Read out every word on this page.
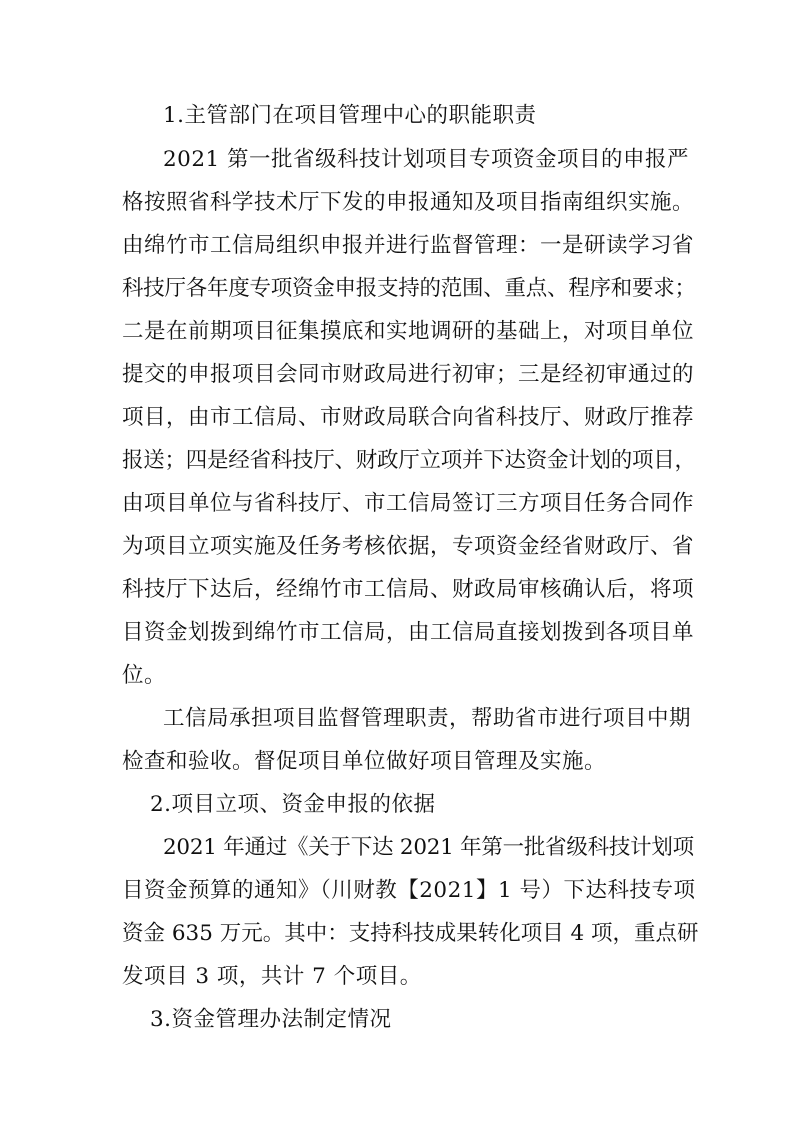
1.主管部门在项目管理中心的职能职责
2021 第一批省级科技计划项目专项资金项目的申报严
格按照省科学技术厅下发的申报通知及项目指南组织实施。
由绵竹市工信局组织申报并进行监督管理：一是研读学习省
科技厅各年度专项资金申报支持的范围、重点、程序和要求；
二是在前期项目征集摸底和实地调研的基础上，对项目单位
提交的申报项目会同市财政局进行初审；三是经初审通过的
项目，由市工信局、市财政局联合向省科技厅、财政厅推荐
报送；四是经省科技厅、财政厅立项并下达资金计划的项目，
由项目单位与省科技厅、市工信局签订三方项目任务合同作
为项目立项实施及任务考核依据，专项资金经省财政厅、省
科技厅下达后，经绵竹市工信局、财政局审核确认后，将项
目资金划拨到绵竹市工信局，由工信局直接划拨到各项目单
位。
工信局承担项目监督管理职责，帮助省市进行项目中期
检查和验收。督促项目单位做好项目管理及实施。
2.项目立项、资金申报的依据
2021 年通过《关于下达 2021 年第一批省级科技计划项
目资金预算的通知》（川财教【2021】1 号）下达科技专项
资金 635 万元。其中：支持科技成果转化项目 4 项，重点研
发项目 3 项，共计 7 个项目。
3.资金管理办法制定情况
